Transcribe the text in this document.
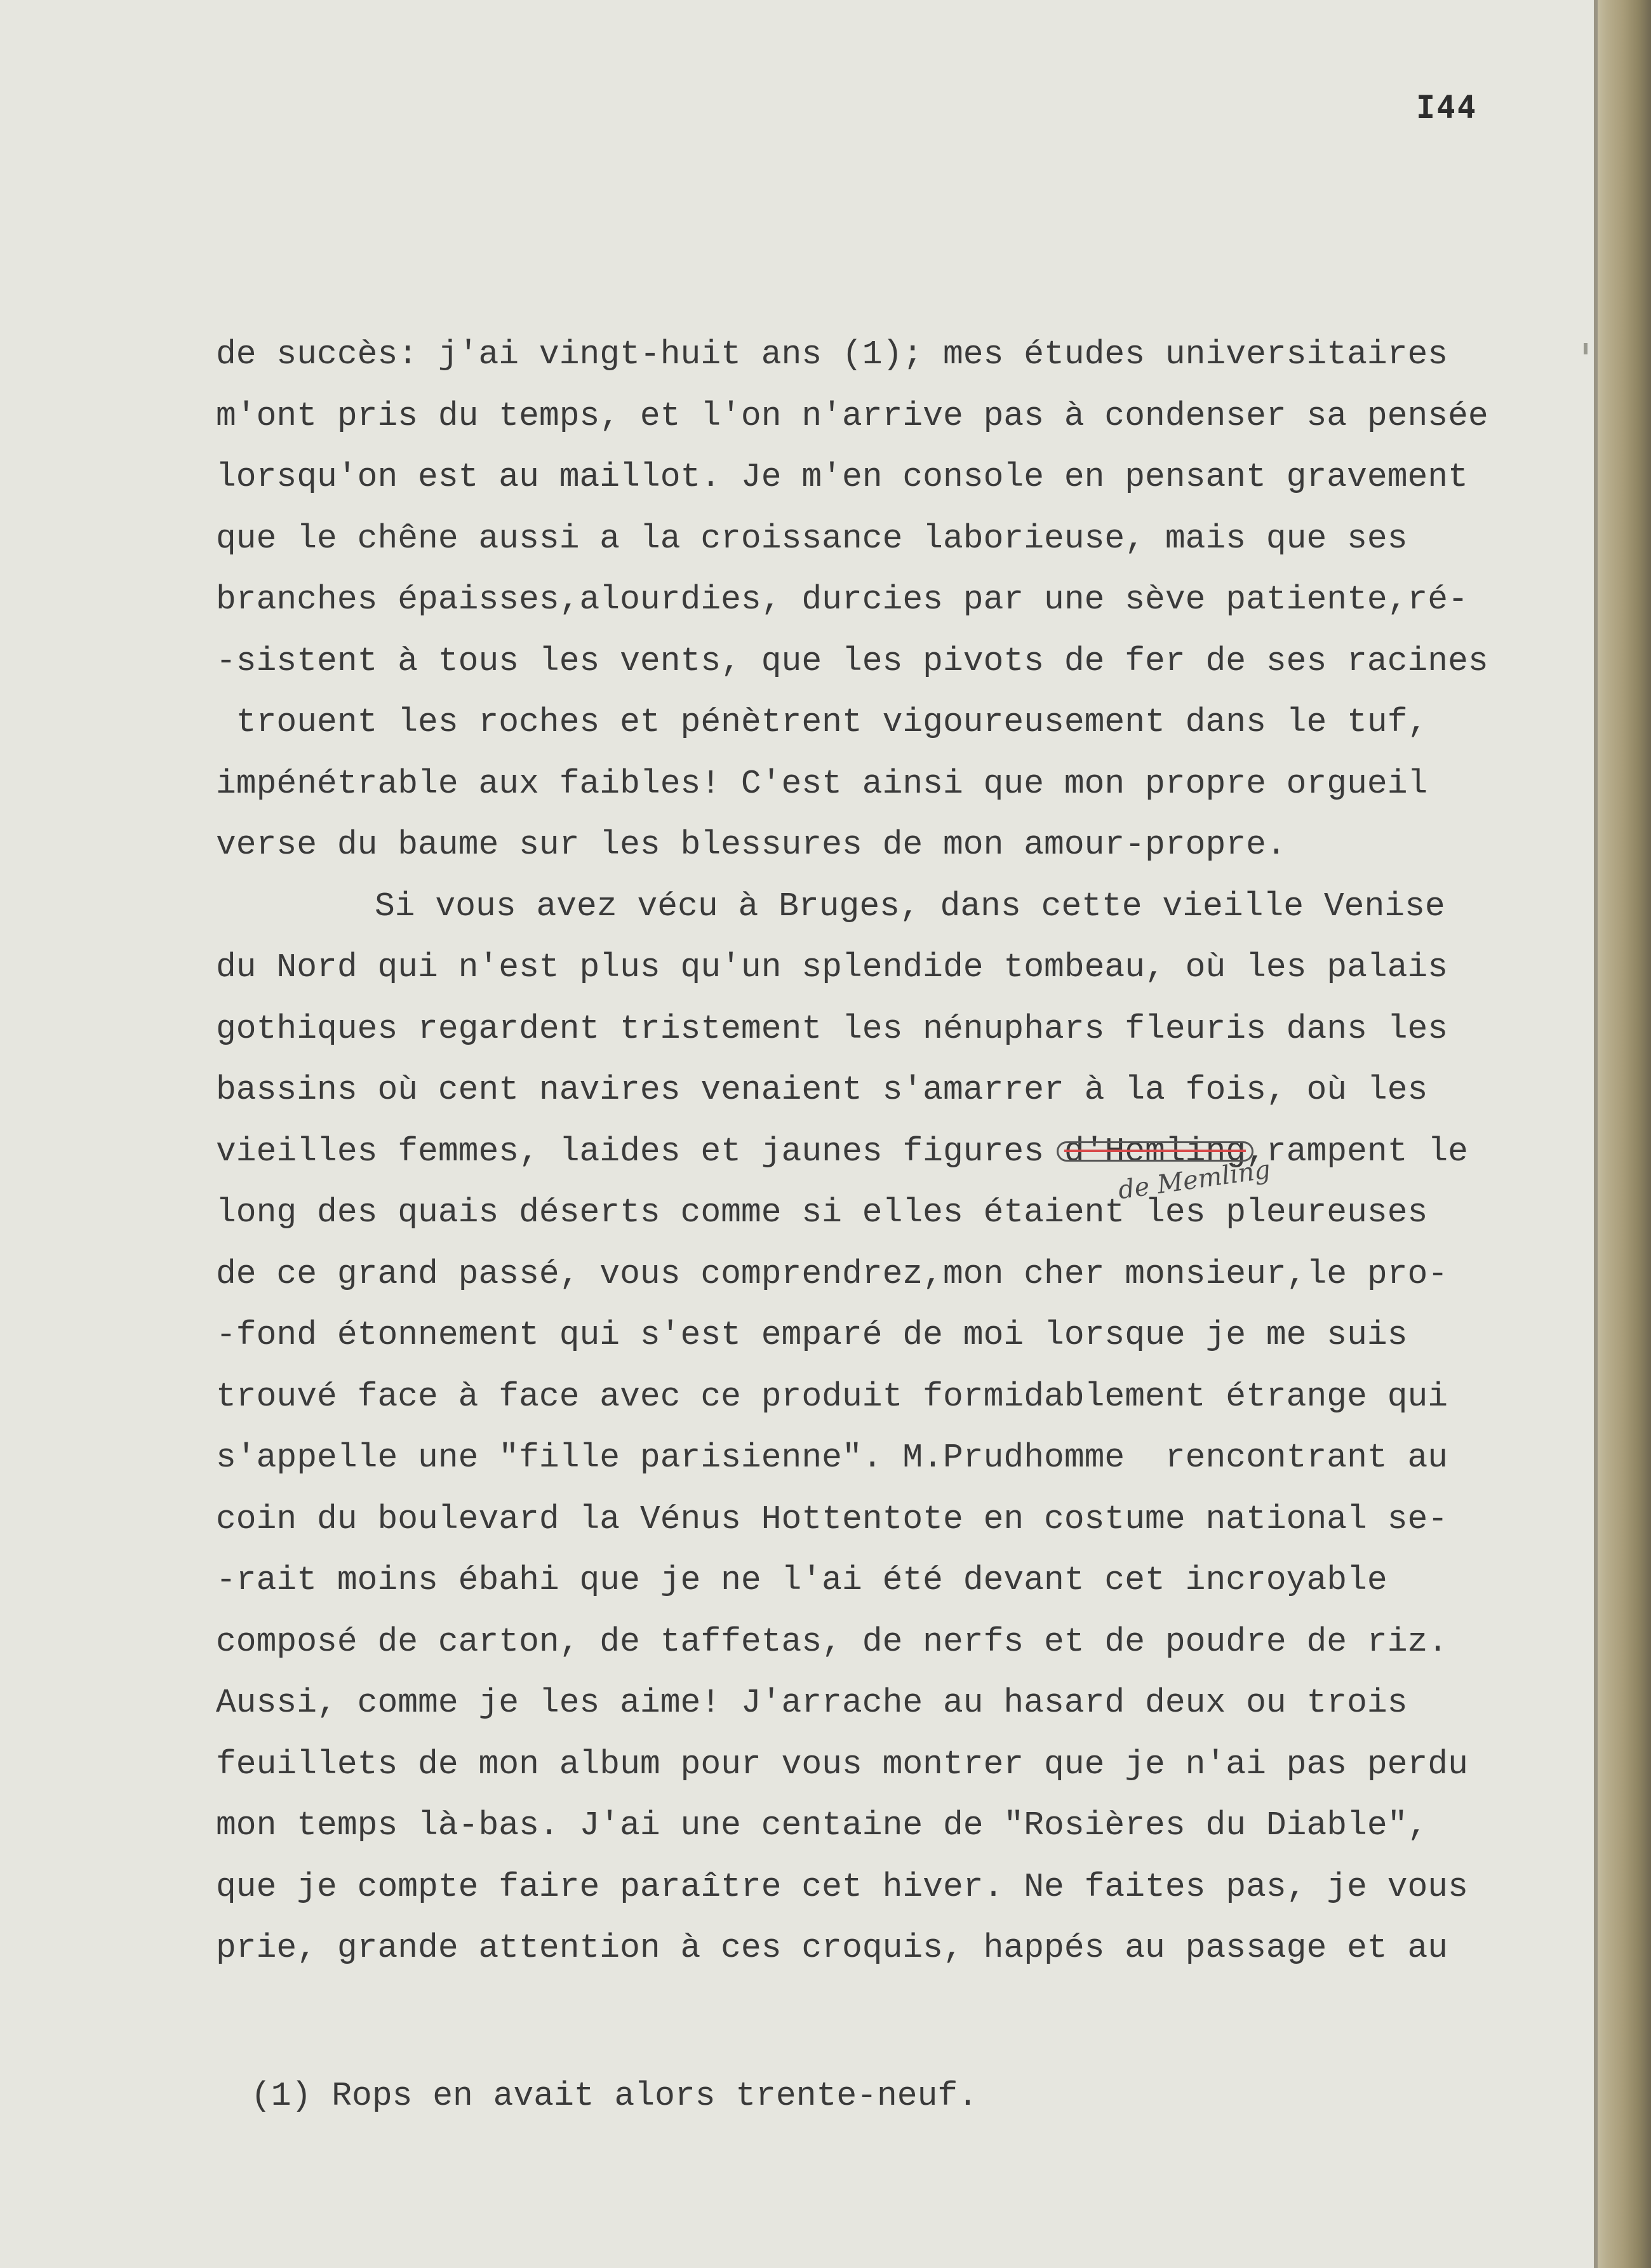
I44
de succès: j'ai vingt-huit ans (1); mes études universitaires
m'ont pris du temps, et l'on n'arrive pas à condenser sa pensée
lorsqu'on est au maillot. Je m'en console en pensant gravement
que le chêne aussi a la croissance laborieuse, mais que ses
branches épaisses,alourdies, durcies par une sève patiente,ré-
-sistent à tous les vents, que les pivots de fer de ses racines
trouent les roches et pénètrent vigoureusement dans le tuf,
impénétrable aux faibles! C'est ainsi que mon propre orgueil
verse du baume sur les blessures de mon amour-propre.
Si vous avez vécu à Bruges, dans cette vieille Venise
du Nord qui n'est plus qu'un splendide tombeau, où les palais
gothiques regardent tristement les nénuphars fleuris dans les
bassins où cent navires venaient s'amarrer à la fois, où les
vieilles femmes, laides et jaunes figures
d'Hemling,rampent le
long des quais déserts comme si elles étaient les pleureuses
de ce grand passé, vous comprendrez,mon cher monsieur,le pro-
-fond étonnement qui s'est emparé de moi lorsque je me suis
trouvé face à face avec ce produit formidablement étrange qui
s'appelle une "fille parisienne". M.Prudhomme  rencontrant au
coin du boulevard la Vénus Hottentote en costume national se-
-rait moins ébahi que je ne l'ai été devant cet incroyable
composé de carton, de taffetas, de nerfs et de poudre de riz.
Aussi, comme je les aime! J'arrache au hasard deux ou trois
feuillets de mon album pour vous montrer que je n'ai pas perdu
mon temps là-bas. J'ai une centaine de "Rosières du Diable",
que je compte faire paraître cet hiver. Ne faites pas, je vous
prie, grande attention à ces croquis, happés au passage et au
de Memling
(1) Rops en avait alors trente-neuf.
